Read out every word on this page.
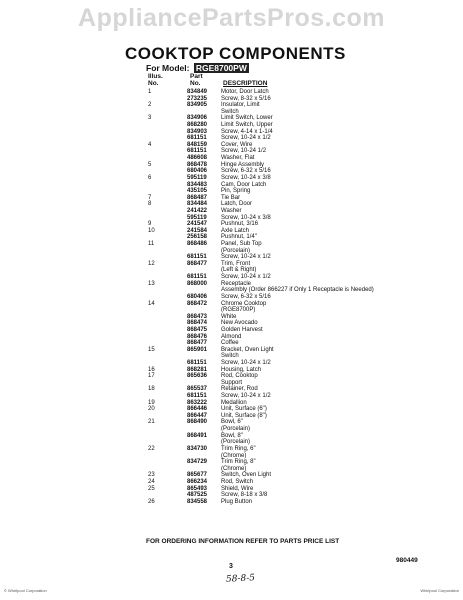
AppliancePartsPros.com
COOKTOP COMPONENTS
For Model: RGE8700PW
Illus. No.
Part No.	DESCRIPTION
1	834849	Motor, Door Latch
273235	Screw, 8-32 x 5/16
2	834905	Insulator, Limit
Switch
3	834906	Limit Switch, Lower
868280	Limit Switch, Upper
834903	Screw, 4-14 x 1-1/4
681151	Screw, 10-24 x 1/2
4	848159	Cover, Wire
681151	Screw, 10-24 1/2
486608	Washer, Flat
5	868478	Hinge Assembly
680406	Screw, 6-32 x 5/16
6	595119	Screw, 10-24 x 3/8
834483	Cam, Door Latch
435105	Pin, Spring
7	868487	Tie Bar
8	834484	Latch, Door
241422	Washer
595119	Screw, 10-24 x 3/8
9	241547	Pushnut, 3/16
10	241584	Axle Latch
256158	Pushnut, 1/4"
11	868486	Panel, Sub Top
(Porcelain)
681151	Screw, 10-24 x 1/2
12	868477	Trim, Front
(Left & Right)
681151	Screw, 10-24 x 1/2
13	868000	Receptacle
Assembly (Order 866227 if Only 1 Receptacle is Needed)
680406	Screw, 6-32 x 5/16
14	868472	Chrome Cooktop
(RGE8700P)
868473	White
868474	New Avocado
868475	Golden Harvest
868476	Almond
868477	Coffee
15	865901	Bracket, Oven Light
Switch
681151	Screw, 10-24 x 1/2
16	868281	Housing, Latch
17	865636	Rod, Cooktop
Support
18	865537	Retainer, Rod
681151	Screw, 10-24 x 1/2
19	863222	Medallion
20	866446	Unit, Surface (6")
866447	Unit, Surface (8")
21	868490	Bowl, 6"
(Porcelain)
868491	Bowl, 8"
(Porcelain)
22	834730	Trim Ring, 6"
(Chrome)
834729	Trim Ring, 8"
(Chrome)
23	865677	Switch, Oven Light
24	866234	Rod, Switch
25	865493	Shield, Wire
487525	Screw, 8-18 x 3/8
26	834558	Plug Button
FOR ORDERING INFORMATION REFER TO PARTS PRICE LIST
3
980449
58-8-5
© Whirlpool Corporation	Whirlpool Corporation
